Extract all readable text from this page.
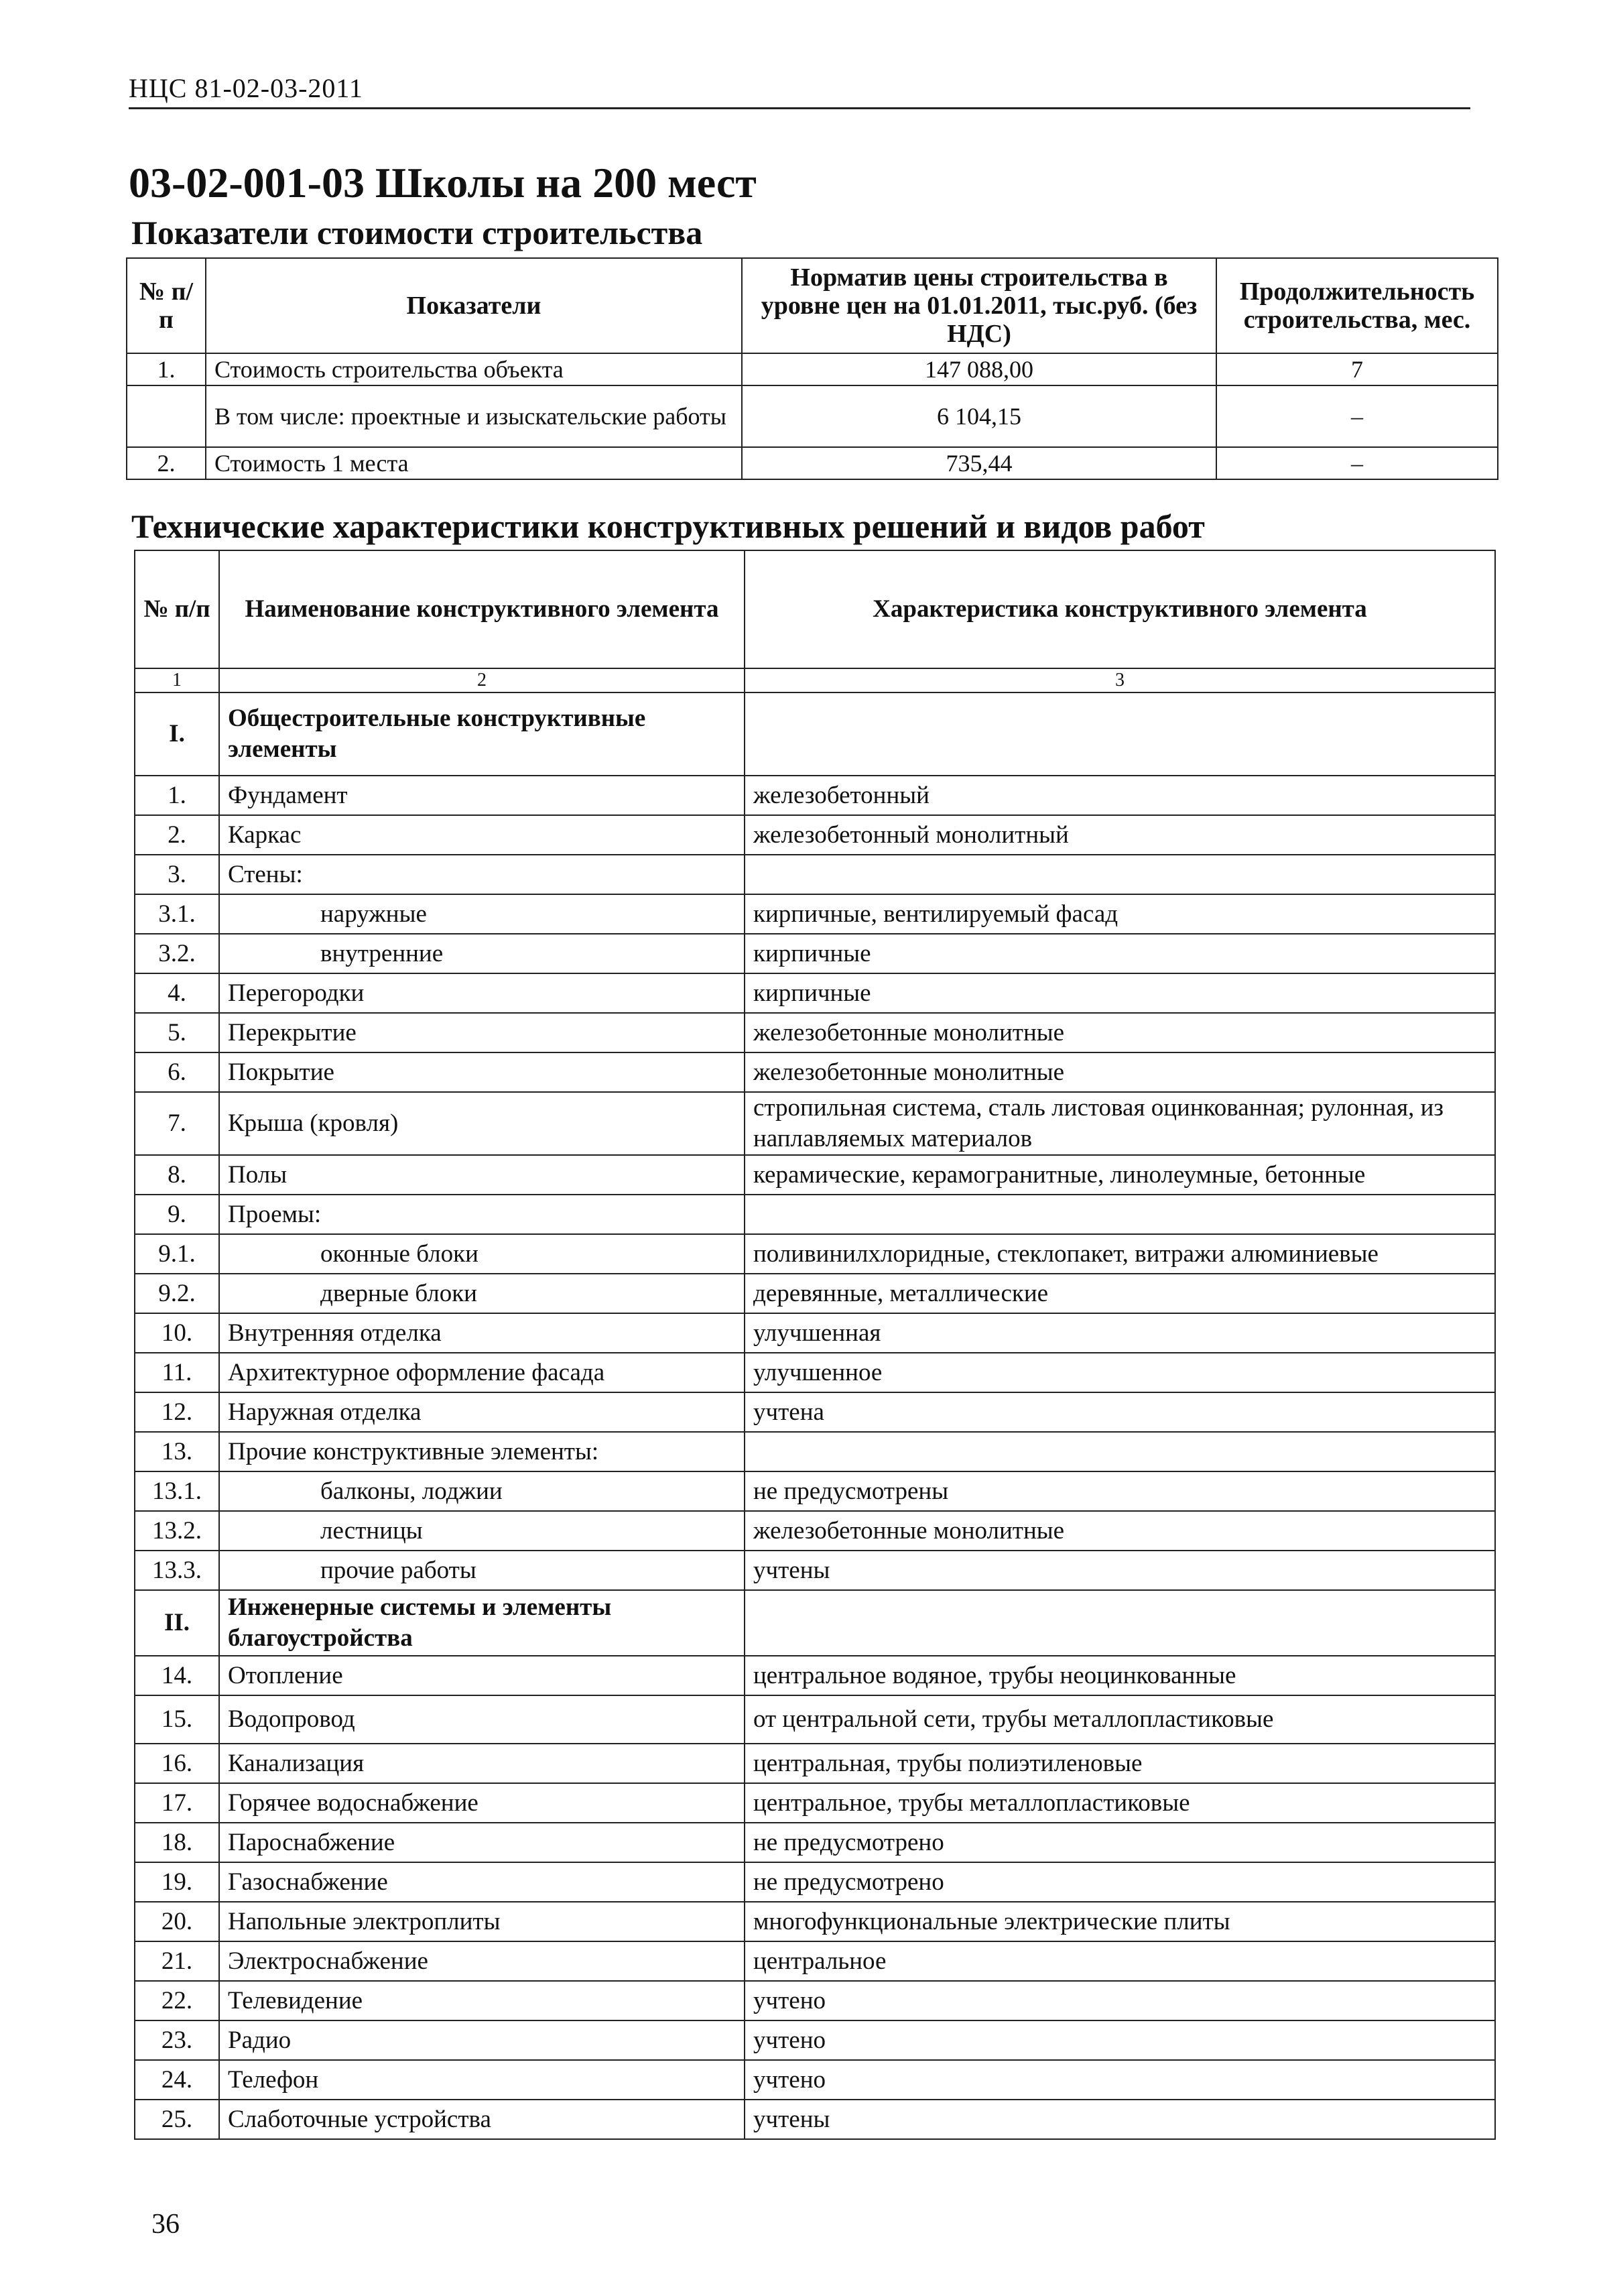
НЦС 81-02-03-2011
03-02-001-03 Школы на 200 мест
Показатели стоимости строительства
№ п/п	Показатели	Норматив цены строительства в уровне цен на 01.01.2011, тыс.руб. (без НДС)	Продолжительность строительства, мес.
1.	Стоимость строительства объекта	147 088,00	7
	В том числе: проектные и изыскательские работы	6 104,15	–
2.	Стоимость 1 места	735,44	–
Технические характеристики конструктивных решений и видов работ
№ п/п	Наименование конструктивного элемента	Характеристика конструктивного элемента
1	2	3
I.	Общестроительные конструктивные элементы	
1.	Фундамент	железобетонный
2.	Каркас	железобетонный монолитный
3.	Стены:	
3.1.	наружные	кирпичные, вентилируемый фасад
3.2.	внутренние	кирпичные
4.	Перегородки	кирпичные
5.	Перекрытие	железобетонные монолитные
6.	Покрытие	железобетонные монолитные
7.	Крыша (кровля)	стропильная система, сталь листовая оцинкованная; рулонная, из наплавляемых материалов
8.	Полы	керамические, керамогранитные, линолеумные, бетонные
9.	Проемы:	
9.1.	оконные блоки	поливинилхлоридные, стеклопакет, витражи алюминиевые
9.2.	дверные блоки	деревянные, металлические
10.	Внутренняя отделка	улучшенная
11.	Архитектурное оформление фасада	улучшенное
12.	Наружная отделка	учтена
13.	Прочие конструктивные элементы:	
13.1.	балконы, лоджии	не предусмотрены
13.2.	лестницы	железобетонные монолитные
13.3.	прочие работы	учтены
II.	Инженерные системы и элементы благоустройства	
14.	Отопление	центральное водяное, трубы неоцинкованные
15.	Водопровод	от центральной сети, трубы металлопластиковые
16.	Канализация	центральная, трубы полиэтиленовые
17.	Горячее водоснабжение	центральное, трубы металлопластиковые
18.	Пароснабжение	не предусмотрено
19.	Газоснабжение	не предусмотрено
20.	Напольные электроплиты	многофункциональные электрические плиты
21.	Электроснабжение	центральное
22.	Телевидение	учтено
23.	Радио	учтено
24.	Телефон	учтено
25.	Слаботочные устройства	учтены
36
